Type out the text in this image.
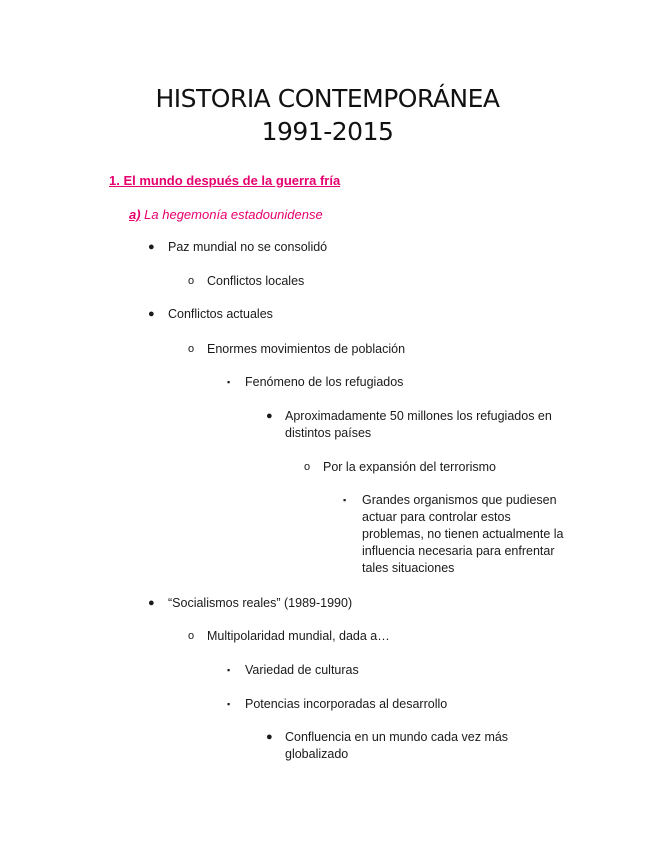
HISTORIA CONTEMPORÁNEA
1991-2015
1. El mundo después de la guerra fría
a) La hegemonía estadounidense
● Paz mundial no se consolidó
o Conflictos locales
● Conflictos actuales
o Enormes movimientos de población
▪ Fenómeno de los refugiados
● Aproximadamente 50 millones los refugiados en distintos países
o Por la expansión del terrorismo
▪ Grandes organismos que pudiesen actuar para controlar estos problemas, no tienen actualmente la influencia necesaria para enfrentar tales situaciones
● “Socialismos reales” (1989-1990)
o Multipolaridad mundial, dada a…
▪ Variedad de culturas
▪ Potencias incorporadas al desarrollo
● Confluencia en un mundo cada vez más globalizado
